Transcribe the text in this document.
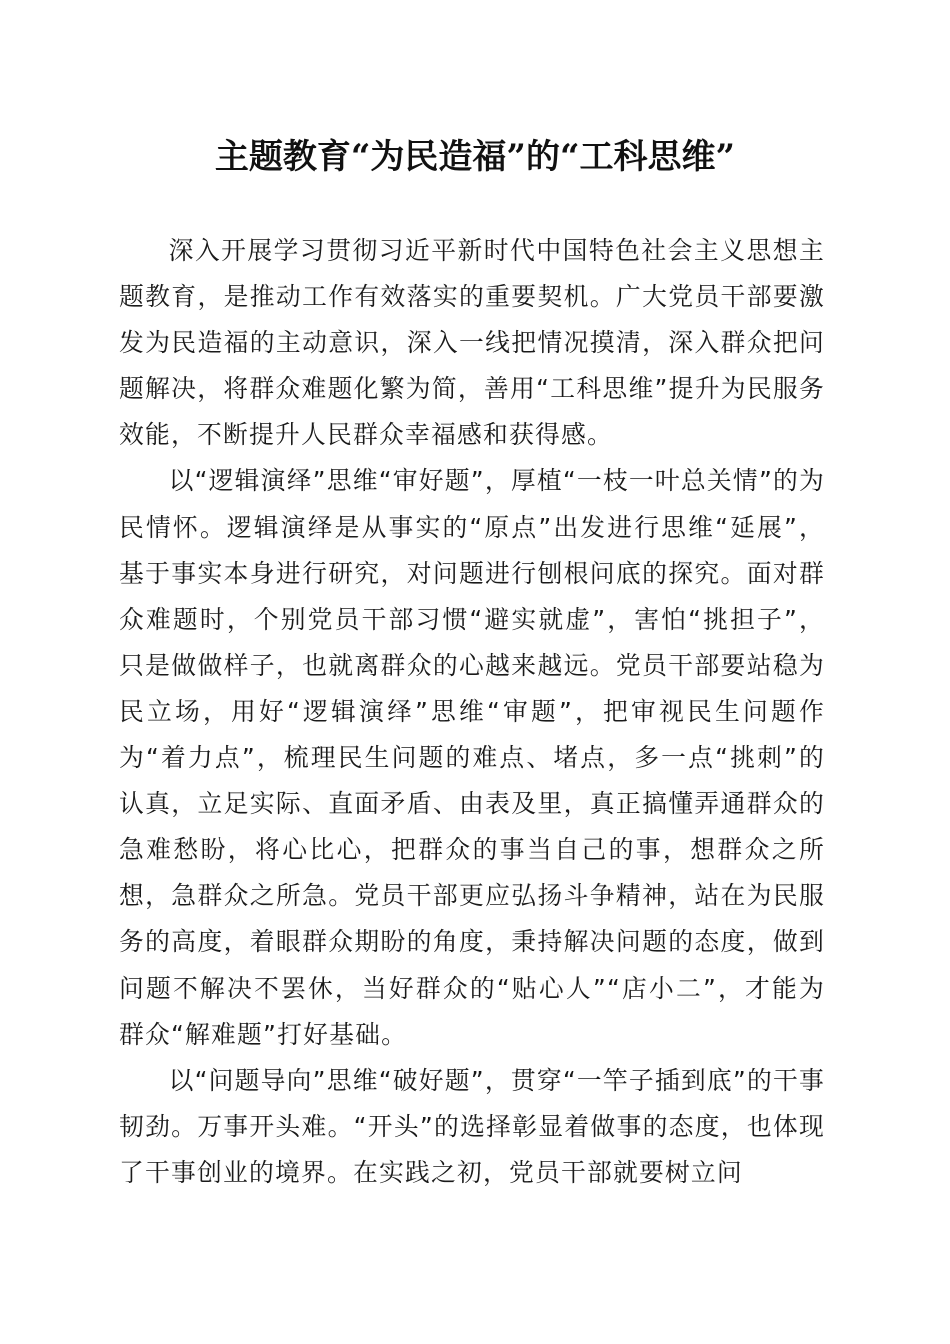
主题教育“为民造福”的“工科思维”

深入开展学习贯彻习近平新时代中国特色社会主义思想主题教育，是推动工作有效落实的重要契机。广大党员干部要激发为民造福的主动意识，深入一线把情况摸清，深入群众把问题解决，将群众难题化繁为简，善用“工科思维”提升为民服务效能，不断提升人民群众幸福感和获得感。

以“逻辑演绎”思维“审好题”，厚植“一枝一叶总关情”的为民情怀。逻辑演绎是从事实的“原点”出发进行思维“延展”，基于事实本身进行研究，对问题进行刨根问底的探究。面对群众难题时，个别党员干部习惯“避实就虚”，害怕“挑担子”，只是做做样子，也就离群众的心越来越远。党员干部要站稳为民立场，用好“逻辑演绎”思维“审题”，把审视民生问题作为“着力点”，梳理民生问题的难点、堵点，多一点“挑刺”的认真，立足实际、直面矛盾、由表及里，真正搞懂弄通群众的急难愁盼，将心比心，把群众的事当自己的事，想群众之所想，急群众之所急。党员干部更应弘扬斗争精神，站在为民服务的高度，着眼群众期盼的角度，秉持解决问题的态度，做到问题不解决不罢休，当好群众的“贴心人”“店小二”，才能为群众“解难题”打好基础。

以“问题导向”思维“破好题”，贯穿“一竿子插到底”的干事韧劲。万事开头难。“开头”的选择彰显着做事的态度，也体现了干事创业的境界。在实践之初，党员干部就要树立问
